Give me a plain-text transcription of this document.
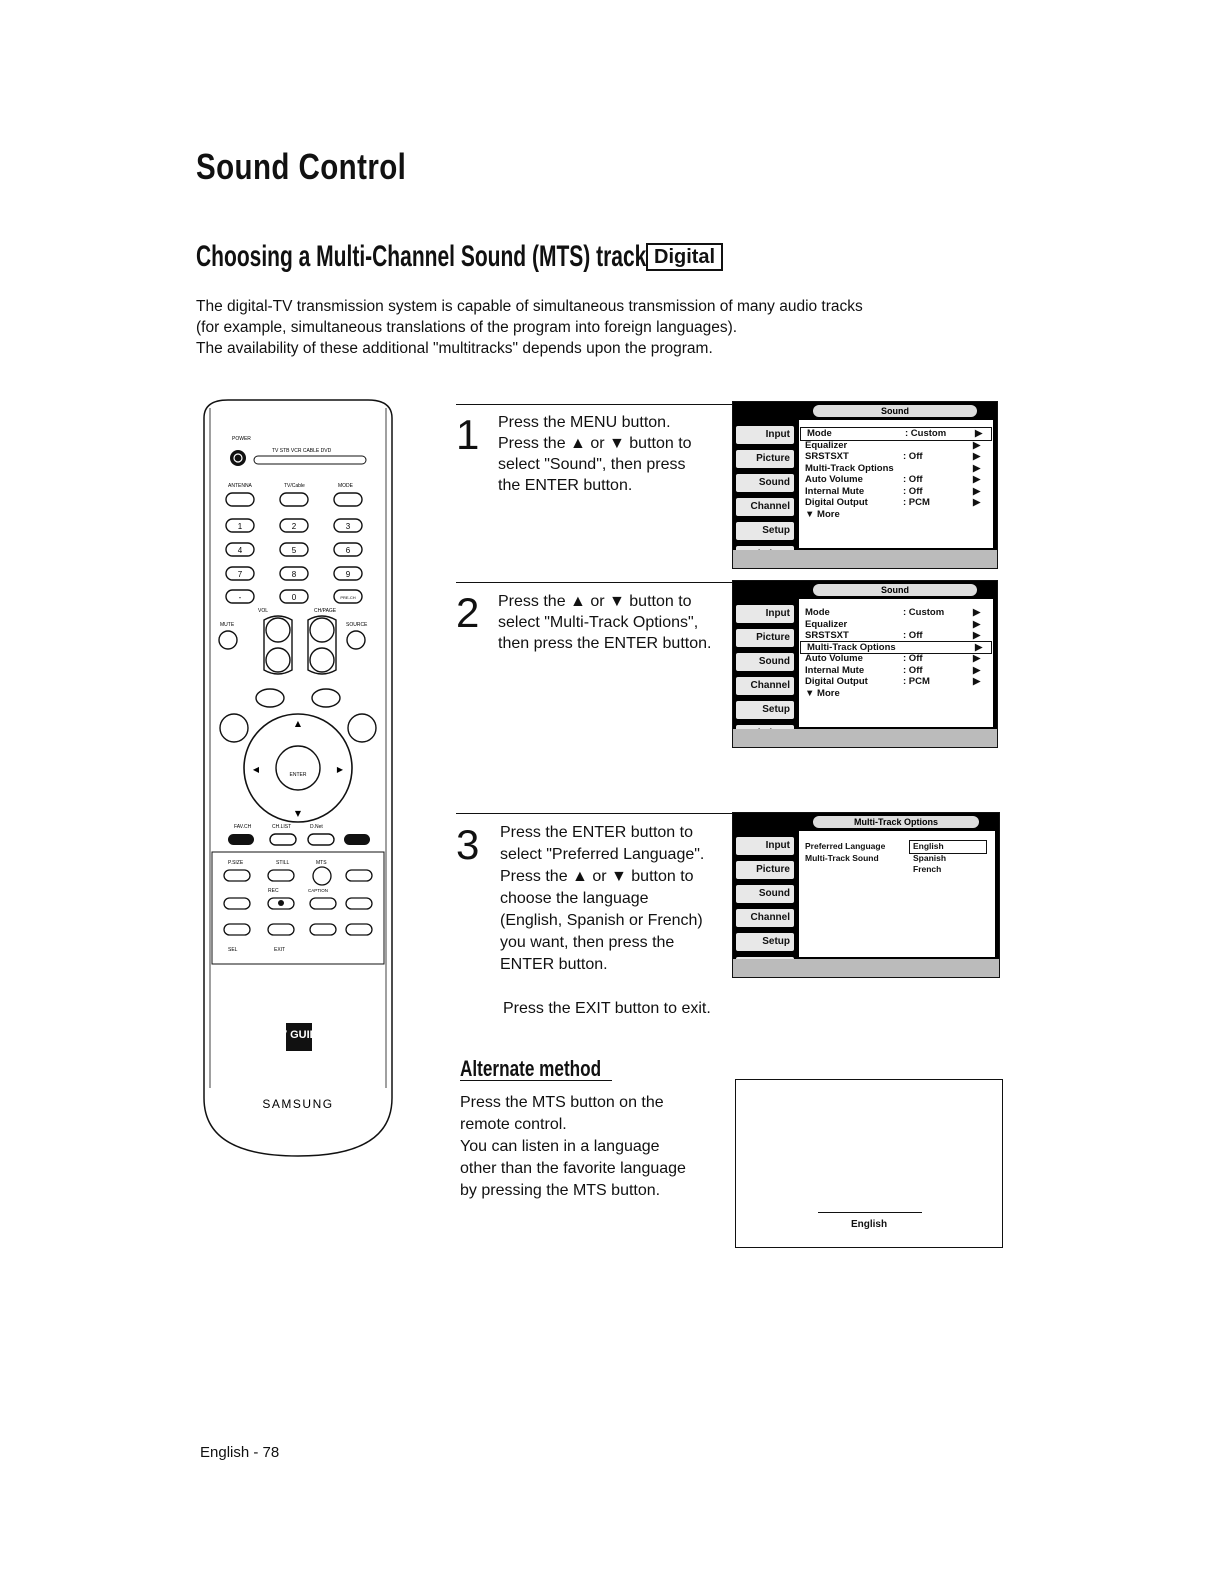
Sound Control
Choosing a Multi-Channel Sound (MTS) track Digital
The digital-TV transmission system is capable of simultaneous transmission of many audio tracks
(for example, simultaneous translations of the program into foreign languages).
The availability of these additional "multitracks" depends upon the program.
POWER
TV STB VCR CABLE DVD
ANTENNA	TV/Cable	MODE
1	2	3
4	5	6
7	8	9
-	0	PRE-CH
VOL	CH/PAGE
MUTE	SOURCE
ENTER
▲
▼
◀	▶
FAV.CH	CH.LIST	D.Net
P.SIZE	STILL	MTS
REC	CAPTION
SEL	EXIT
TV GUIDE
SAMSUNG
1 Press the MENU button.
Press the ▲ or ▼ button to
select "Sound", then press
the ENTER button.
Sound
Input
Picture
Sound
Channel
Setup
Mode	: Custom	▶
Equalizer	▶
SRSTSXT	: Off	▶
Multi-Track Options	▶
Auto Volume	: Off	▶
Internal Mute	: Off	▶
Digital Output	: PCM	▶
▼ More
2 Press the ▲ or ▼ button to
select "Multi-Track Options",
then press the ENTER button.
Sound
Input
Picture
Sound
Channel
Setup
Mode	: Custom	▶
Equalizer	▶
SRSTSXT	: Off	▶
Multi-Track Options	▶
Auto Volume	: Off	▶
Internal Mute	: Off	▶
Digital Output	: PCM	▶
▼ More
3 Press the ENTER button to
select "Preferred Language".
Press the ▲ or ▼ button to
choose the language
(English, Spanish or French)
you want, then press the
ENTER button.
Multi-Track Options
Input
Picture
Sound
Channel
Setup
Preferred Language	English
Multi-Track Sound	Spanish
French
Press the EXIT button to exit.
Alternate method
Press the MTS button on the
remote control.
You can listen in a language
other than the favorite language
by pressing the MTS button.
English
English - 78
